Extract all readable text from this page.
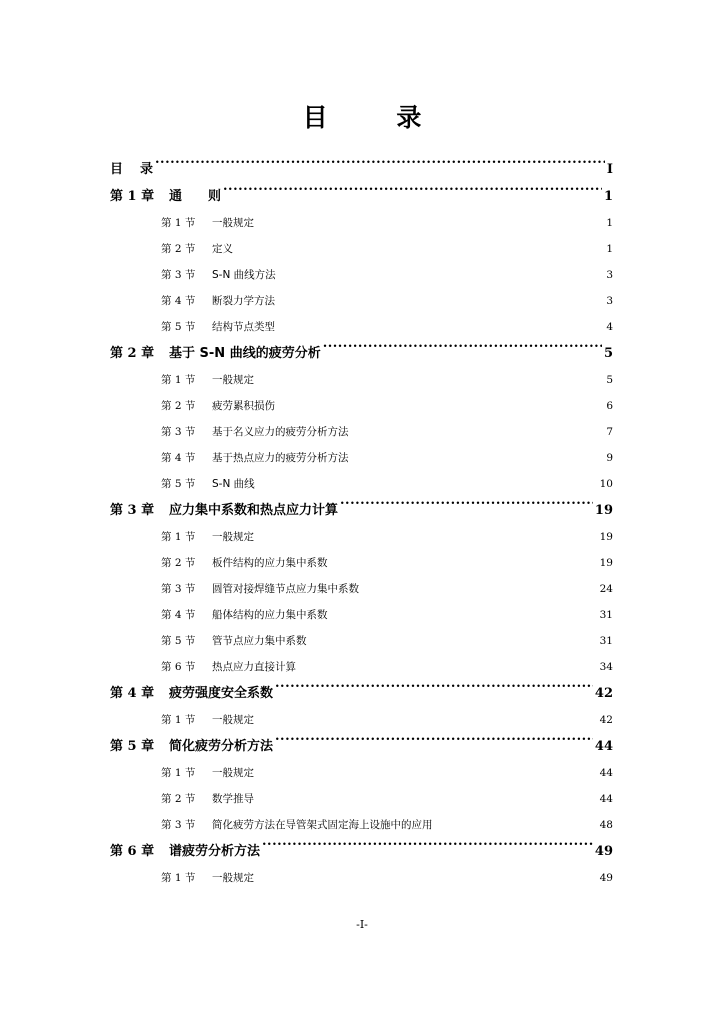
目 录
目	录 .....	I
第 1 章	通　　则 .....	1
第 1 节	一般规定 .....	1
第 2 节	定义 .....	1
第 3 节	S-N 曲线方法 .....	3
第 4 节	断裂力学方法 .....	3
第 5 节	结构节点类型 .....	4
第 2 章	基于 S-N 曲线的疲劳分析 .....	5
第 1 节	一般规定 .....	5
第 2 节	疲劳累积损伤 .....	6
第 3 节	基于名义应力的疲劳分析方法 .....	7
第 4 节	基于热点应力的疲劳分析方法 .....	9
第 5 节	S-N 曲线 .....	10
第 3 章	应力集中系数和热点应力计算 .....	19
第 1 节	一般规定 .....	19
第 2 节	板件结构的应力集中系数 .....	19
第 3 节	圆管对接焊缝节点应力集中系数 .....	24
第 4 节	船体结构的应力集中系数 .....	31
第 5 节	管节点应力集中系数 .....	31
第 6 节	热点应力直接计算 .....	34
第 4 章	疲劳强度安全系数 .....	42
第 1 节	一般规定 .....	42
第 5 章	简化疲劳分析方法 .....	44
第 1 节	一般规定 .....	44
第 2 节	数学推导 .....	44
第 3 节	简化疲劳方法在导管架式固定海上设施中的应用 .....	48
第 6 章	谱疲劳分析方法 .....	49
第 1 节	一般规定 .....	49
-I-
